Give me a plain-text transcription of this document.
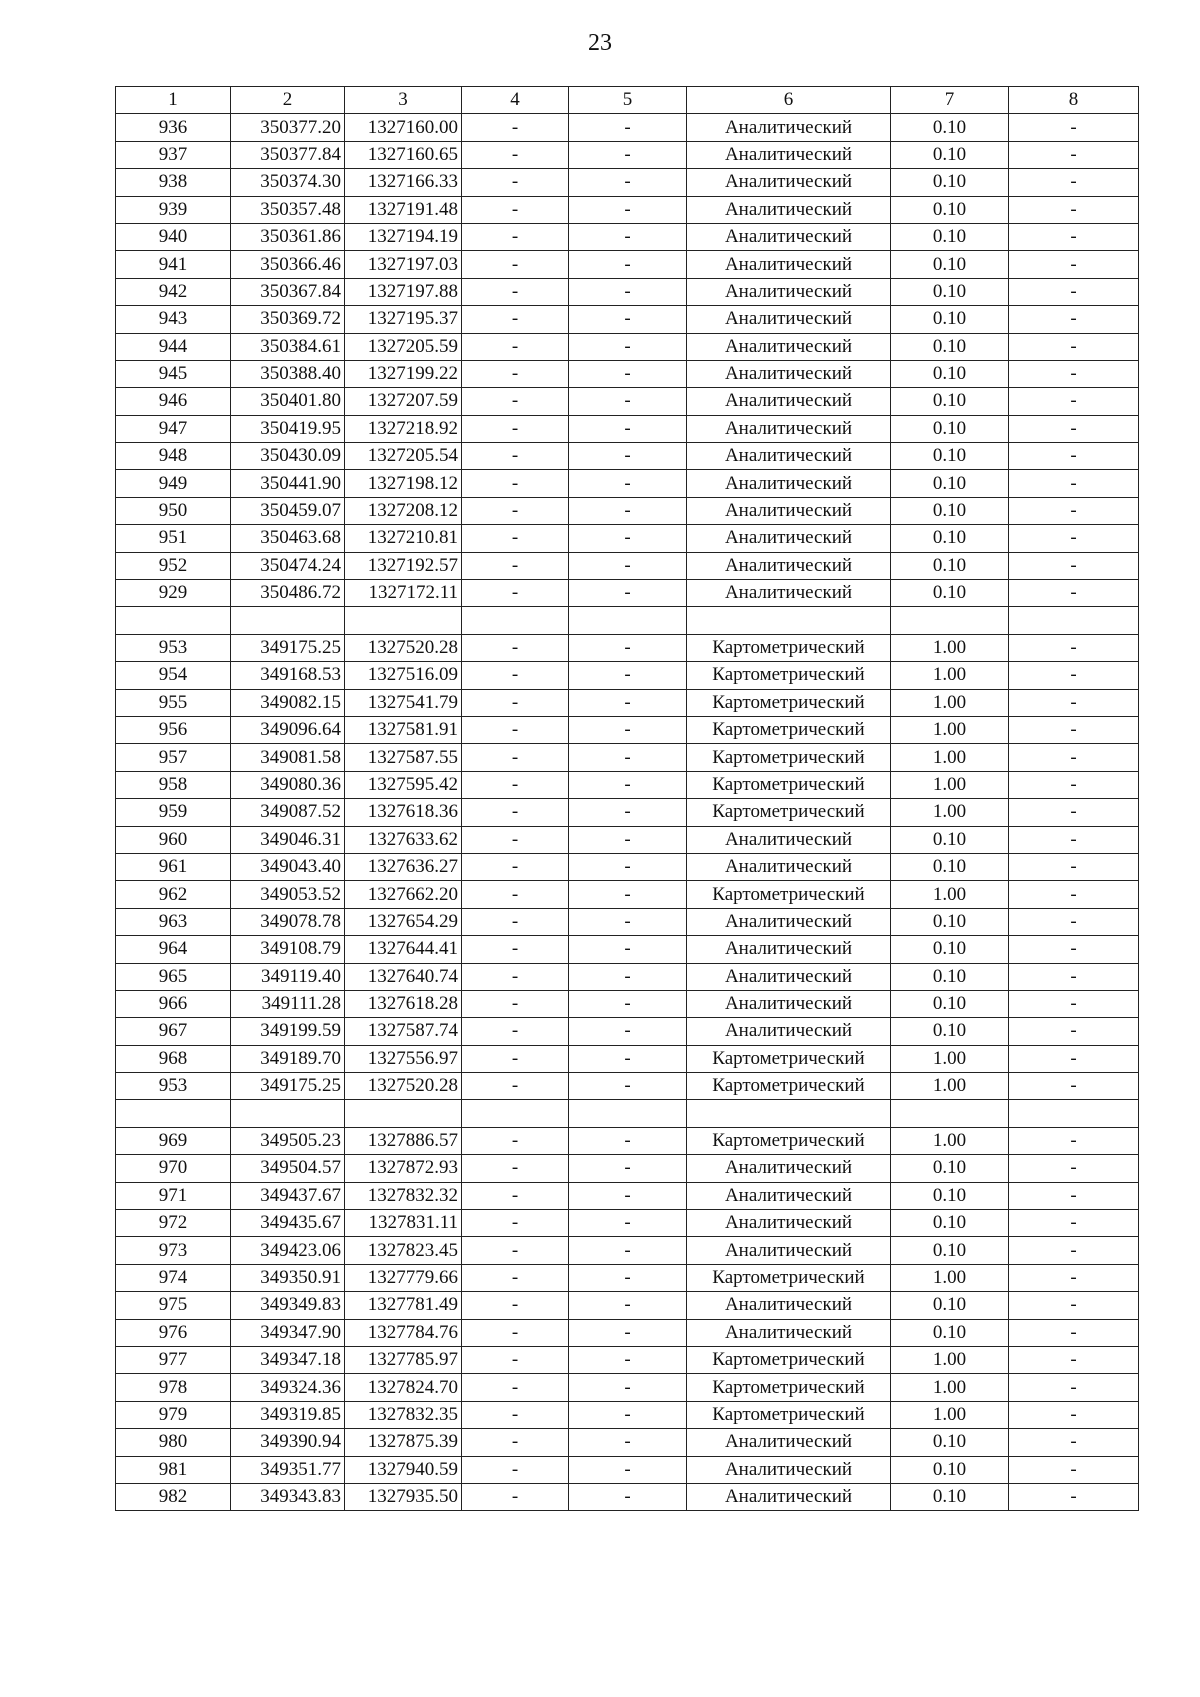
23
1	2	3	4	5	6	7	8
936	350377.20	1327160.00	-	-	Аналитический	0.10	-
937	350377.84	1327160.65	-	-	Аналитический	0.10	-
938	350374.30	1327166.33	-	-	Аналитический	0.10	-
939	350357.48	1327191.48	-	-	Аналитический	0.10	-
940	350361.86	1327194.19	-	-	Аналитический	0.10	-
941	350366.46	1327197.03	-	-	Аналитический	0.10	-
942	350367.84	1327197.88	-	-	Аналитический	0.10	-
943	350369.72	1327195.37	-	-	Аналитический	0.10	-
944	350384.61	1327205.59	-	-	Аналитический	0.10	-
945	350388.40	1327199.22	-	-	Аналитический	0.10	-
946	350401.80	1327207.59	-	-	Аналитический	0.10	-
947	350419.95	1327218.92	-	-	Аналитический	0.10	-
948	350430.09	1327205.54	-	-	Аналитический	0.10	-
949	350441.90	1327198.12	-	-	Аналитический	0.10	-
950	350459.07	1327208.12	-	-	Аналитический	0.10	-
951	350463.68	1327210.81	-	-	Аналитический	0.10	-
952	350474.24	1327192.57	-	-	Аналитический	0.10	-
929	350486.72	1327172.11	-	-	Аналитический	0.10	-

953	349175.25	1327520.28	-	-	Картометрический	1.00	-
954	349168.53	1327516.09	-	-	Картометрический	1.00	-
955	349082.15	1327541.79	-	-	Картометрический	1.00	-
956	349096.64	1327581.91	-	-	Картометрический	1.00	-
957	349081.58	1327587.55	-	-	Картометрический	1.00	-
958	349080.36	1327595.42	-	-	Картометрический	1.00	-
959	349087.52	1327618.36	-	-	Картометрический	1.00	-
960	349046.31	1327633.62	-	-	Аналитический	0.10	-
961	349043.40	1327636.27	-	-	Аналитический	0.10	-
962	349053.52	1327662.20	-	-	Картометрический	1.00	-
963	349078.78	1327654.29	-	-	Аналитический	0.10	-
964	349108.79	1327644.41	-	-	Аналитический	0.10	-
965	349119.40	1327640.74	-	-	Аналитический	0.10	-
966	349111.28	1327618.28	-	-	Аналитический	0.10	-
967	349199.59	1327587.74	-	-	Аналитический	0.10	-
968	349189.70	1327556.97	-	-	Картометрический	1.00	-
953	349175.25	1327520.28	-	-	Картометрический	1.00	-

969	349505.23	1327886.57	-	-	Картометрический	1.00	-
970	349504.57	1327872.93	-	-	Аналитический	0.10	-
971	349437.67	1327832.32	-	-	Аналитический	0.10	-
972	349435.67	1327831.11	-	-	Аналитический	0.10	-
973	349423.06	1327823.45	-	-	Аналитический	0.10	-
974	349350.91	1327779.66	-	-	Картометрический	1.00	-
975	349349.83	1327781.49	-	-	Аналитический	0.10	-
976	349347.90	1327784.76	-	-	Аналитический	0.10	-
977	349347.18	1327785.97	-	-	Картометрический	1.00	-
978	349324.36	1327824.70	-	-	Картометрический	1.00	-
979	349319.85	1327832.35	-	-	Картометрический	1.00	-
980	349390.94	1327875.39	-	-	Аналитический	0.10	-
981	349351.77	1327940.59	-	-	Аналитический	0.10	-
982	349343.83	1327935.50	-	-	Аналитический	0.10	-
